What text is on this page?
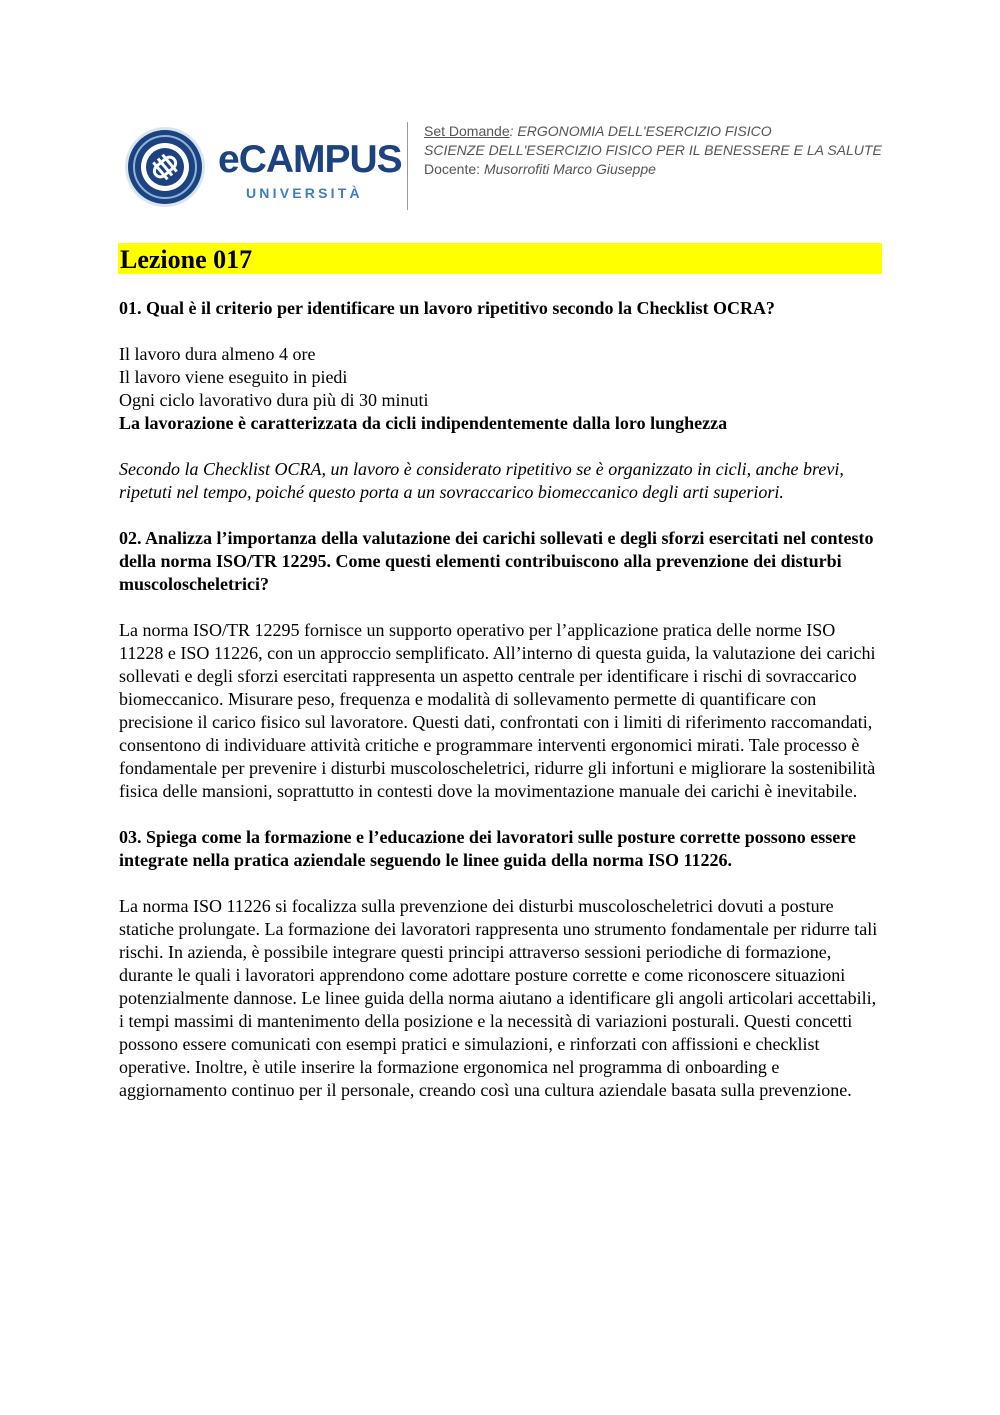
eCAMPUS
UNIVERSITÀ
Set Domande: ERGONOMIA DELL'ESERCIZIO FISICO
SCIENZE DELL'ESERCIZIO FISICO PER IL BENESSERE E LA SALUTE
Docente: Musorrofiti Marco Giuseppe
Lezione 017

01. Qual è il criterio per identificare un lavoro ripetitivo secondo la Checklist OCRA?

Il lavoro dura almeno 4 ore
Il lavoro viene eseguito in piedi
Ogni ciclo lavorativo dura più di 30 minuti
La lavorazione è caratterizzata da cicli indipendentemente dalla loro lunghezza
Secondo la Checklist OCRA, un lavoro è considerato ripetitivo se è organizzato in cicli, anche brevi, ripetuti nel tempo, poiché questo porta a un sovraccarico biomeccanico degli arti superiori.

02. Analizza l’importanza della valutazione dei carichi sollevati e degli sforzi esercitati nel contesto della norma ISO/TR 12295. Come questi elementi contribuiscono alla prevenzione dei disturbi muscoloscheletrici?

La norma ISO/TR 12295 fornisce un supporto operativo per l’applicazione pratica delle norme ISO 11228 e ISO 11226, con un approccio semplificato. All’interno di questa guida, la valutazione dei carichi sollevati e degli sforzi esercitati rappresenta un aspetto centrale per identificare i rischi di sovraccarico biomeccanico. Misurare peso, frequenza e modalità di sollevamento permette di quantificare con precisione il carico fisico sul lavoratore. Questi dati, confrontati con i limiti di riferimento raccomandati, consentono di individuare attività critiche e programmare interventi ergonomici mirati. Tale processo è fondamentale per prevenire i disturbi muscoloscheletrici, ridurre gli infortuni e migliorare la sostenibilità fisica delle mansioni, soprattutto in contesti dove la movimentazione manuale dei carichi è inevitabile.

03. Spiega come la formazione e l’educazione dei lavoratori sulle posture corrette possono essere integrate nella pratica aziendale seguendo le linee guida della norma ISO 11226.

La norma ISO 11226 si focalizza sulla prevenzione dei disturbi muscoloscheletrici dovuti a posture statiche prolungate. La formazione dei lavoratori rappresenta uno strumento fondamentale per ridurre tali rischi. In azienda, è possibile integrare questi principi attraverso sessioni periodiche di formazione, durante le quali i lavoratori apprendono come adottare posture corrette e come riconoscere situazioni potenzialmente dannose. Le linee guida della norma aiutano a identificare gli angoli articolari accettabili, i tempi massimi di mantenimento della posizione e la necessità di variazioni posturali. Questi concetti possono essere comunicati con esempi pratici e simulazioni, e rinforzati con affissioni e checklist operative. Inoltre, è utile inserire la formazione ergonomica nel programma di onboarding e aggiornamento continuo per il personale, creando così una cultura aziendale basata sulla prevenzione.
